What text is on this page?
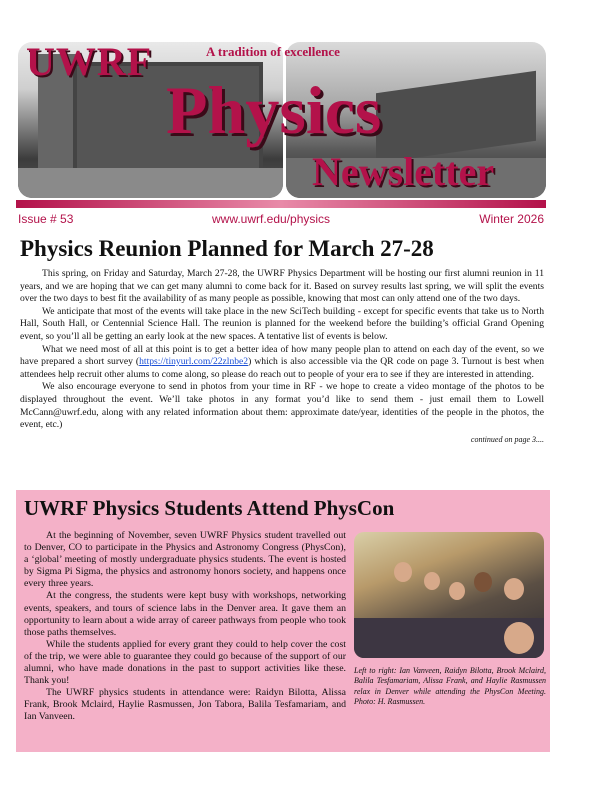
UWRF	A tradition of excellence
Physics
Newsletter
Issue # 53	www.uwrf.edu/physics	Winter 2026
Physics Reunion Planned for March 27-28

This spring, on Friday and Saturday, March 27-28, the UWRF Physics Department will be hosting our first alumni reunion in 11 years, and we are hoping that we can get many alumni to come back for it. Based on survey results last spring, we will split the events over the two days to best fit the availability of as many people as possible, knowing that most can only attend one of the two days.

We anticipate that most of the events will take place in the new SciTech building - except for specific events that take us to North Hall, South Hall, or Centennial Science Hall. The reunion is planned for the weekend before the building’s official Grand Opening event, so you’ll all be getting an early look at the new spaces. A tentative list of events is below.

What we need most of all at this point is to get a better idea of how many people plan to attend on each day of the event, so we have prepared a short survey (https://tinyurl.com/22zlnbe2) which is also accessible via the QR code on page 3. Turnout is best when attendees help recruit other alums to come along, so please do reach out to people of your era to see if they are interested in attending.

We also encourage everyone to send in photos from your time in RF - we hope to create a video montage of the photos to be displayed throughout the event. We’ll take photos in any format you’d like to send them - just email them to Lowell McCann@uwrf.edu, along with any related information about them: approximate date/year, identities of the people in the photos, the event, etc.)

continued on page 3....

UWRF Physics Students Attend PhysCon

At the beginning of November, seven UWRF Physics student travelled out to Denver, CO to participate in the Physics and Astronomy Congress (PhysCon), a ‘global’ meeting of mostly undergraduate physics students. The event is hosted by Sigma Pi Sigma, the physics and astronomy honors society, and happens once every three years.

At the congress, the students were kept busy with workshops, networking events, speakers, and tours of science labs in the Denver area. It gave them an opportunity to learn about a wide array of career pathways from people who took those paths themselves.

While the students applied for every grant they could to help cover the cost of the trip, we were able to guarantee they could go because of the support of our alumni, who have made donations in the past to support activities like these. Thank you!

The UWRF physics students in attendance were: Raidyn Bilotta, Alissa Frank, Brook Mclaird, Haylie Rasmussen, Jon Tabora, Balila Tesfamariam, and Ian Vanveen.

Left to right: Ian Vanveen, Raidyn Bilotta, Brook Mclaird, Balila Tesfamariam, Alissa Frank, and Haylie Rasmussen relax in Denver while attending the PhysCon Meeting. Photo: H. Rasmussen.
